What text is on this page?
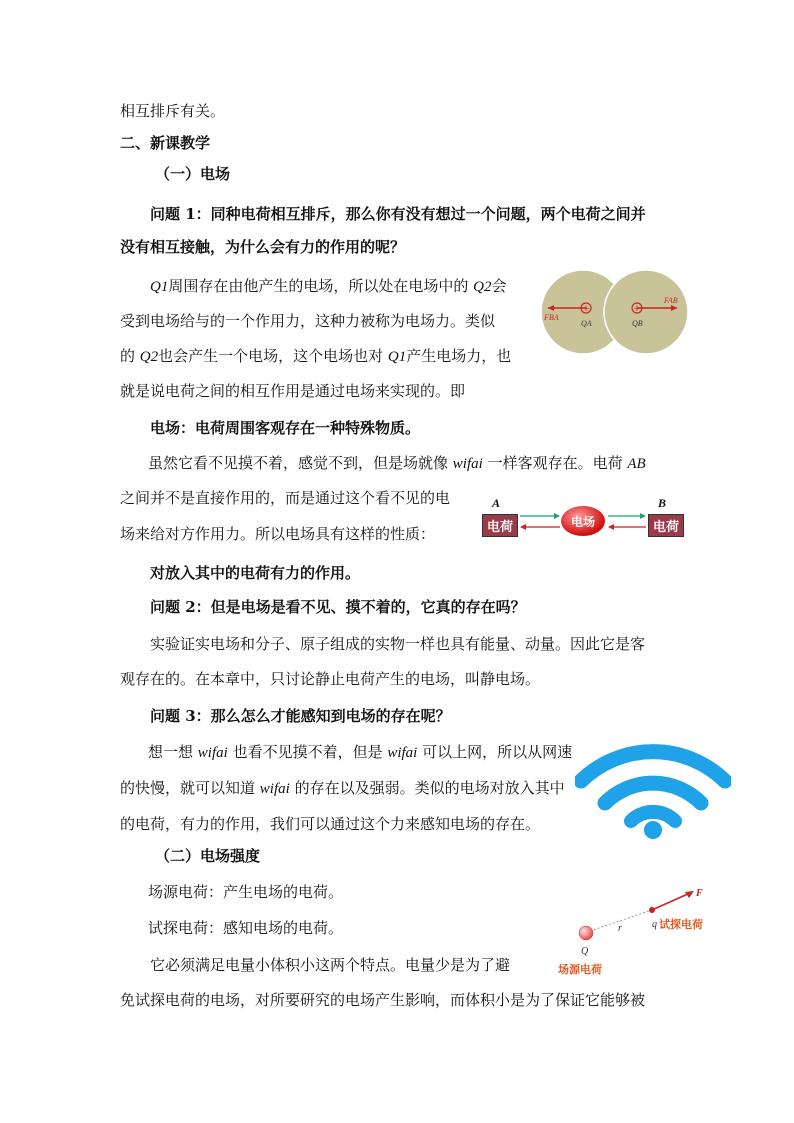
相互排斥有关。
二、新课教学
（一）电场
问题 1：同种电荷相互排斥，那么你有没有想过一个问题，两个电荷之间并
没有相互接触，为什么会有力的作用的呢？
Q1周围存在由他产生的电场，所以处在电场中的 Q2会
受到电场给与的一个作用力，这种力被称为电场力。类似
的 Q2也会产生一个电场，这个电场也对 Q1产生电场力，也
就是说电荷之间的相互作用是通过电场来实现的。即
电场：电荷周围客观存在一种特殊物质。
虽然它看不见摸不着，感觉不到，但是场就像 wifai 一样客观存在。电荷 AB
之间并不是直接作用的，而是通过这个看不见的电
场来给对方作用力。所以电场具有这样的性质：
对放入其中的电荷有力的作用。
问题 2：但是电场是看不见、摸不着的，它真的存在吗？
实验证实电场和分子、原子组成的实物一样也具有能量、动量。因此它是客
观存在的。在本章中，只讨论静止电荷产生的电场，叫静电场。
问题 3：那么怎么才能感知到电场的存在呢？
想一想 wifai 也看不见摸不着，但是 wifai 可以上网，所以从网速
的快慢，就可以知道 wifai 的存在以及强弱。类似的电场对放入其中
的电荷，有力的作用，我们可以通过这个力来感知电场的存在。
（二）电场强度
场源电荷：产生电场的电荷。
试探电荷：感知电场的电荷。
它必须满足电量小体积小这两个特点。电量少是为了避
免试探电荷的电场，对所要研究的电场产生影响，而体积小是为了保证它能够被
+	+
FBA
FAB
QA	QB
A	B
电荷	电荷
电场
F
r	q 试探电荷
Q
场源电荷
